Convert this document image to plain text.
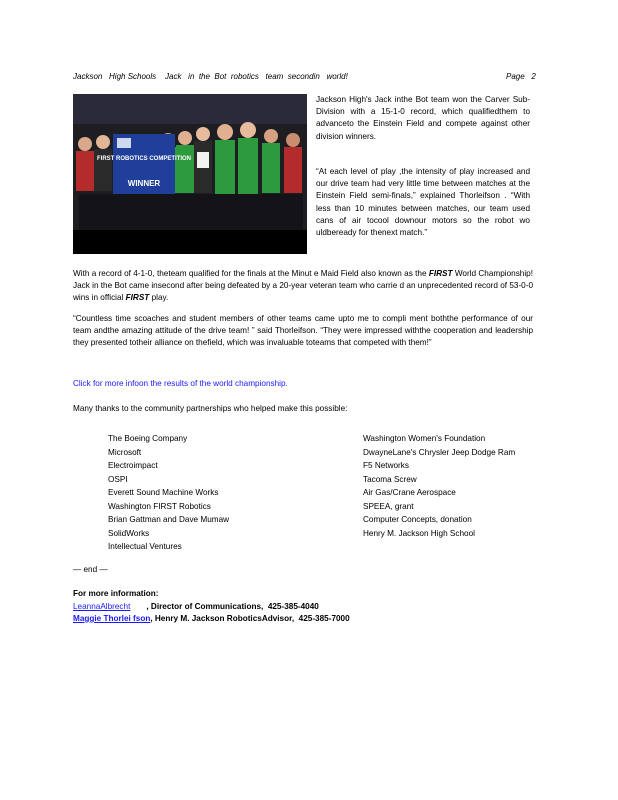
Jackson   High Schools    Jack   in  the  Bot  robotics   team  secondin   world!	Page   2
FIRST ROBOTICS COMPETITION
WINNER
Jackson High's Jack inthe Bot team won the Carver Sub-Division with a 15-1-0 record, which qualifiedthem to advanceto the Einstein Field and compete against other division winners.
“At each level of play ,the intensity of play increased and our drive team had very little time between matches at the Einstein Field semi-finals,” explained Thorleifson . “With less than 10 minutes between matches, our team used cans of air tocool downour motors so the robot wo uldbeready for thenext match.”
With a record of 4-1-0, theteam qualified for the finals at the Minut e Maid Field also known as the FIRST World Championship! Jack in the Bot came insecond after being defeated by a 20-year veteran team who carrie d an unprecedented record of 53-0-0 wins in official FIRST play.
“Countless time scoaches and student members of other teams came upto me to compli ment boththe performance of our team andthe amazing attitude of the drive team! ” said Thorleifson. “They were impressed withthe cooperation and leadership they presented totheir alliance on thefield, which was invaluable toteams that competed with them!”
Click for more infoon the results of the world championship.
Many thanks to the community partnerships who helped make this possible:
The Boeing Company
Microsoft
Electroimpact
OSPI
Everett Sound Machine Works
Washington FIRST Robotics
Brian Gattman and Dave Mumaw
SolidWorks
Intellectual Ventures
Washington Women's Foundation
DwayneLane's Chrysler Jeep Dodge Ram
F5 Networks
Tacoma Screw
Air Gas/Crane Aerospace
SPEEA, grant
Computer Concepts, donation
Henry M. Jackson High School
— end —
For more information:
LeannaAlbrecht , Director of Communications,  425-385-4040
Maggie Thorlei fson, Henry M. Jackson RoboticsAdvisor,  425-385-7000
